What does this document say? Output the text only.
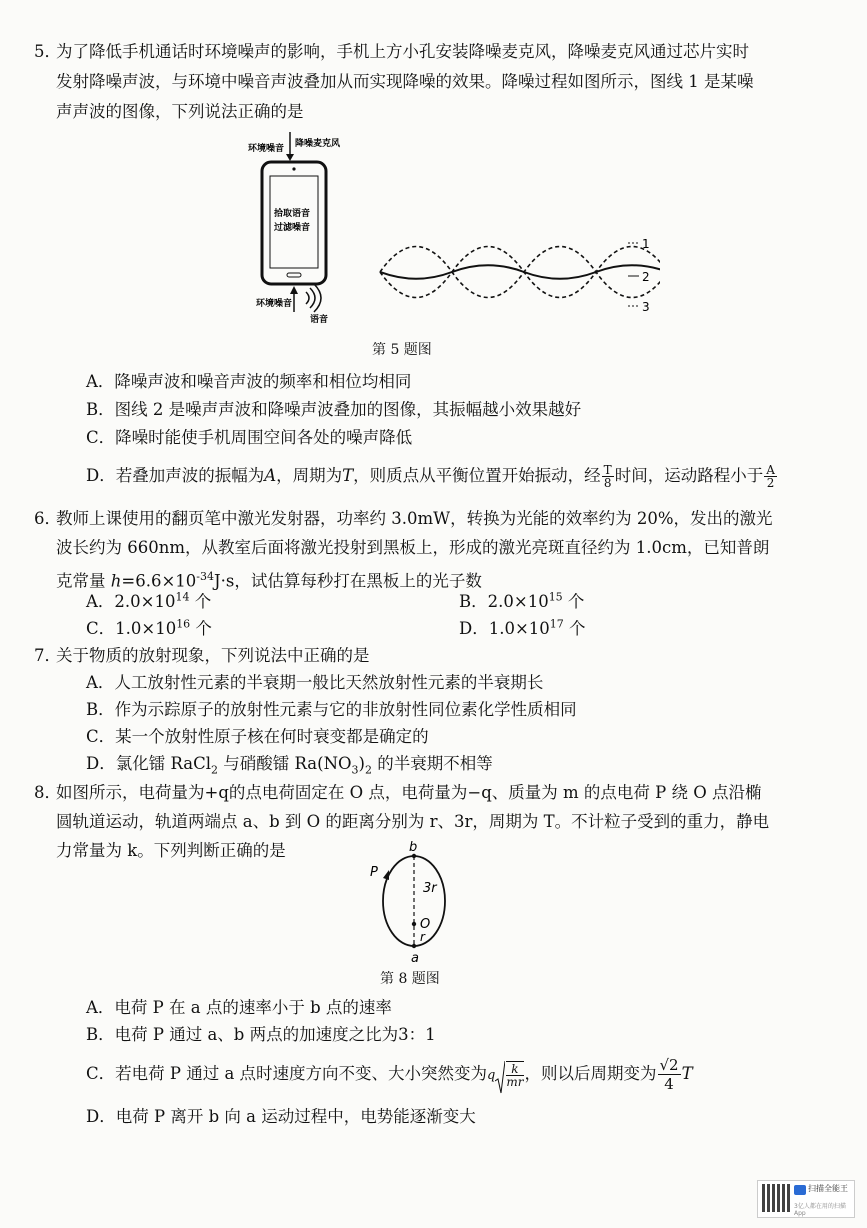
5．
为了降低手机通话时环境噪声的影响，手机上方小孔安装降噪麦克风，降噪麦克风通过芯片实时
发射降噪声波，与环境中噪音声波叠加从而实现降噪的效果。降噪过程如图所示，图线 1 是某噪
声声波的图像，下列说法正确的是
环境噪音 降噪麦克风
拾取语音
过滤噪音
环境噪音
语音
1
2
3
第 5 题图
A．降噪声波和噪音声波的频率和相位均相同
B．图线 2 是噪声声波和降噪声波叠加的图像，其振幅越小效果越好
C．降噪时能使手机周围空间各处的噪声降低
D．若叠加声波的振幅为A，周期为T，则质点从平衡位置开始振动，经 $\frac{T}{8}$ 时间，运动路程小于 $\frac{A}{2}$
6．
教师上课使用的翻页笔中激光发射器，功率约 3.0mW，转换为光能的效率约为 20%，发出的激光
波长约为 660nm，从教室后面将激光投射到黑板上，形成的激光亮斑直径约为 1.0cm，已知普朗
克常量 $h=6.6\times 10^{-34}J\cdot s$，试估算每秒打在黑板上的光子数
A．$2.0\times 10^{14}$ 个	B．$2.0\times 10^{15}$ 个
C．$1.0\times 10^{16}$ 个	D．$1.0\times 10^{17}$ 个
7．
关于物质的放射现象，下列说法中正确的是
A．人工放射性元素的半衰期一般比天然放射性元素的半衰期长
B．作为示踪原子的放射性元素与它的非放射性同位素化学性质相同
C．某一个放射性原子核在何时衰变都是确定的
D．氯化镭 RaCl$_2$ 与硝酸镭 $Ra(NO_3)_2$ 的半衰期不相等
8．
如图所示，电荷量为+q的点电荷固定在 O 点，电荷量为−q、质量为 m 的点电荷 P 绕 O 点沿椭
圆轨道运动，轨道两端点 a、b 到 O 的距离分别为 r、3r，周期为 T。不计粒子受到的重力，静电
力常量为 k。下列判断正确的是	b
P
3r
O
r
a
第 8 题图
A．电荷 P 在 a 点的速率小于 b 点的速率
B．电荷 P 通过 a、b 两点的加速度之比为3：1
C．若电荷 P 通过 a 点时速度方向不变、大小突然变为q $\frac{k}{mr}$，则以后周期变为 $\frac{√2}{4}$ T
D．电荷 P 离开 b 向 a 运动过程中，电势能逐渐变大
扫描全能王
3亿人都在用的扫描App
